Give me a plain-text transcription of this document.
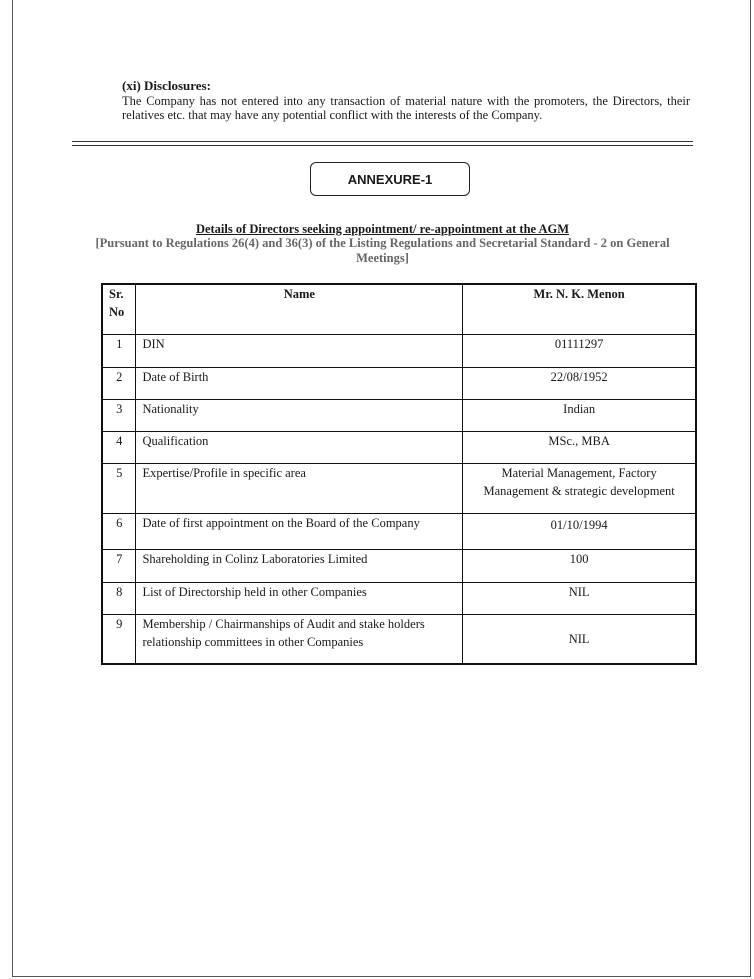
(xi) Disclosures:
The Company has not entered into any transaction of material nature with the promoters, the Directors, their relatives etc. that may have any potential conflict with the interests of the Company.
ANNEXURE-1
Details of Directors seeking appointment/ re-appointment at the AGM
[Pursuant to Regulations 26(4) and 36(3) of the Listing Regulations and Secretarial Standard - 2 on General Meetings]
Sr. No	Name	Mr. N. K. Menon
1	DIN	01111297
2	Date of Birth	22/08/1952
3	Nationality	Indian
4	Qualification	MSc., MBA
5	Expertise/Profile in specific area	Material Management, Factory Management & strategic development
6	Date of first appointment on the Board of the Company	01/10/1994
7	Shareholding in Colinz Laboratories Limited	100
8	List of Directorship held in other Companies	NIL
9	Membership / Chairmanships of Audit and stake holders relationship committees in other Companies	NIL
